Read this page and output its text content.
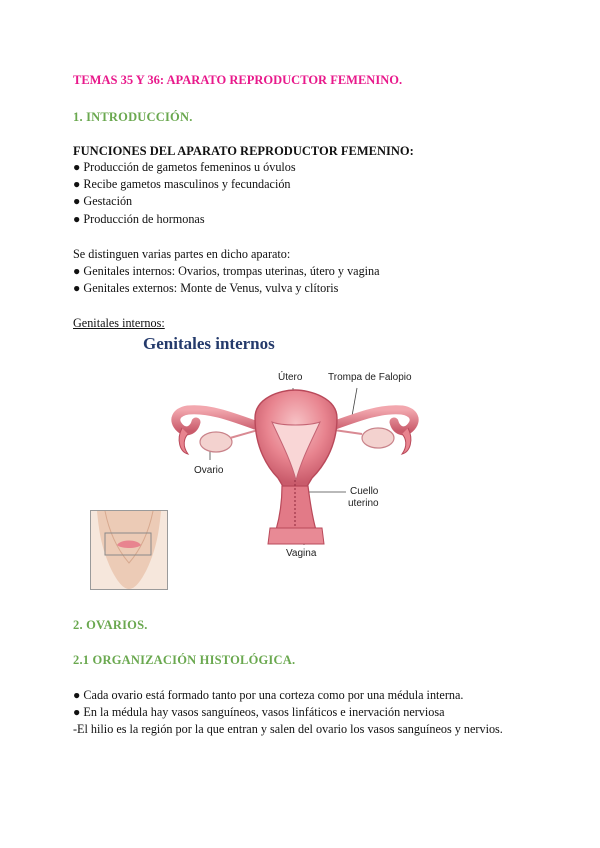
TEMAS 35 Y 36: APARATO REPRODUCTOR FEMENINO.
1. INTRODUCCIÓN.
FUNCIONES DEL APARATO REPRODUCTOR FEMENINO:
● Producción de gametos femeninos u óvulos
● Recibe gametos masculinos y fecundación
● Gestación
● Producción de hormonas
Se distinguen varias partes en dicho aparato:
● Genitales internos: Ovarios, trompas uterinas, útero y vagina
● Genitales externos: Monte de Venus, vulva y clítoris
Genitales internos:
2. OVARIOS.
2.1 ORGANIZACIÓN HISTOLÓGICA.
● Cada ovario está formado tanto por una corteza como por una médula interna.
● En la médula hay vasos sanguíneos, vasos linfáticos e inervación nerviosa
-El hilio es la región por la que entran y salen del ovario los vasos sanguíneos y nervios.
Genitales internos
Útero	Trompa de Falopio
Ovario
Cuello
uterino
Vagina
